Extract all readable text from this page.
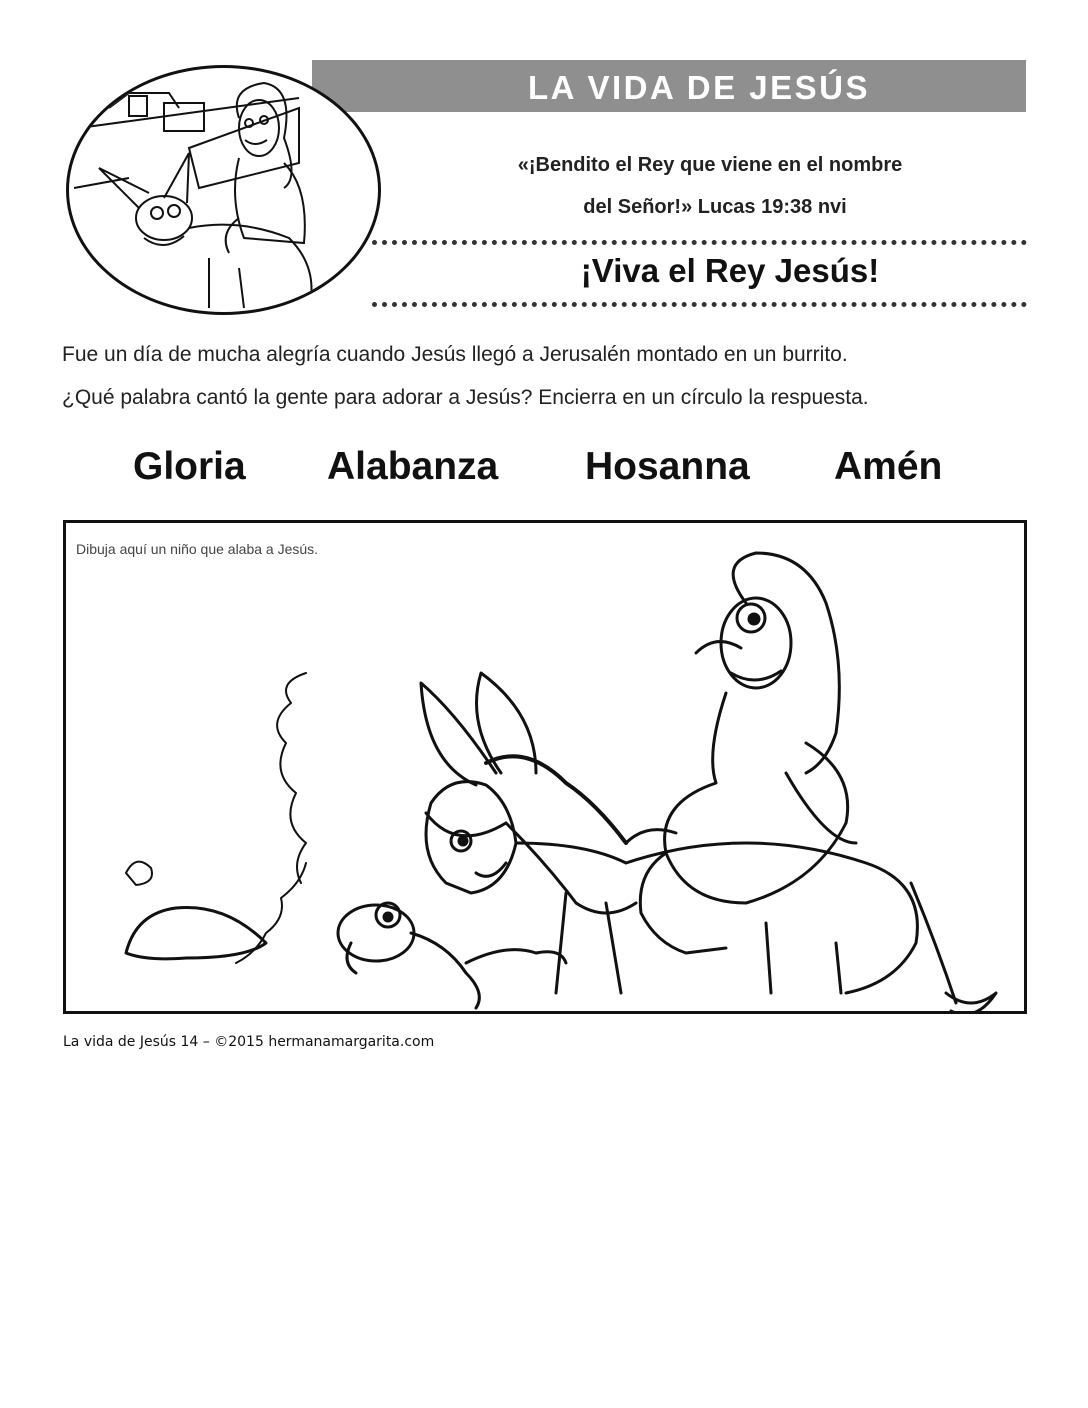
LA VIDA DE JESÚS
«¡Bendito el Rey que viene en el nombre
del Señor!» Lucas 19:38 nvi
¡Viva el Rey Jesús!
Fue un día de mucha alegría cuando Jesús llegó a Jerusalén montado en un burrito.
¿Qué palabra cantó la gente para adorar a Jesús? Encierra en un círculo la respuesta.
Gloria Alabanza Hosanna Amén
Dibuja aquí un niño que alaba a Jesús.
La vida de Jesús 14 – ©2015 hermanamargarita.com
